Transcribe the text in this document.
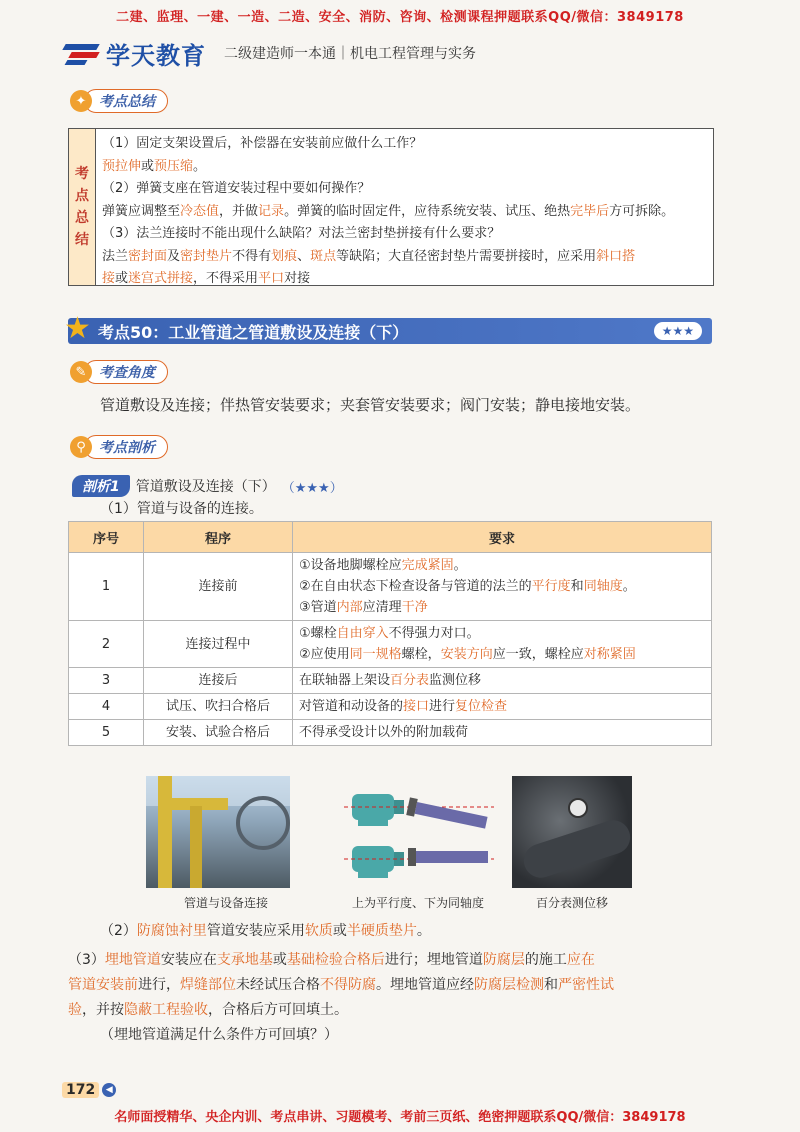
二建、监理、一建、一造、二造、安全、消防、咨询、检测课程押题联系QQ/微信：3849178
学天教育 二级建造师一本通｜机电工程管理与实务
✦ 考点总结
考
点
总
结
（1）固定支架设置后，补偿器在安装前应做什么工作？
预拉伸或预压缩。
（2）弹簧支座在管道安装过程中要如何操作？
弹簧应调整至冷态值，并做记录。弹簧的临时固定件，应待系统安装、试压、绝热完毕后方可拆除。
（3）法兰连接时不能出现什么缺陷？对法兰密封垫拼接有什么要求？
法兰密封面及密封垫片不得有划痕、斑点等缺陷；大直径密封垫片需要拼接时，应采用斜口搭
接或迷宫式拼接，不得采用平口对接
★ 考点50：工业管道之管道敷设及连接（下）	★★★
✎ 考查角度
管道敷设及连接；伴热管安装要求；夹套管安装要求；阀门安装；静电接地安装。
⚲ 考点剖析
剖析1	管道敷设及连接（下） （★★★）
（1）管道与设备的连接。
序号	程序	要求
1	连接前	①设备地脚螺栓应完成紧固。
②在自由状态下检查设备与管道的法兰的平行度和同轴度。
③管道内部应清理干净

2	连接过程中	①螺栓自由穿入不得强力对口。
②应使用同一规格螺栓，安装方向应一致，螺栓应对称紧固

3	连接后	在联轴器上架设百分表监测位移

4	试压、吹扫合格后	对管道和动设备的接口进行复位检查

5	安装、试验合格后	不得承受设计以外的附加载荷
管道与设备连接	上为平行度、下为同轴度	百分表测位移
（2）防腐蚀衬里管道安装应采用软质或半硬质垫片。
（3）埋地管道安装应在支承地基或基础检验合格后进行；埋地管道防腐层的施工应在
管道安装前进行，焊缝部位未经试压合格不得防腐。埋地管道应经防腐层检测和严密性试
验，并按隐蔽工程验收，合格后方可回填土。
（埋地管道满足什么条件方可回填？）
172	◀
名师面授精华、央企内训、考点串讲、习题模考、考前三页纸、绝密押题联系QQ/微信：3849178
